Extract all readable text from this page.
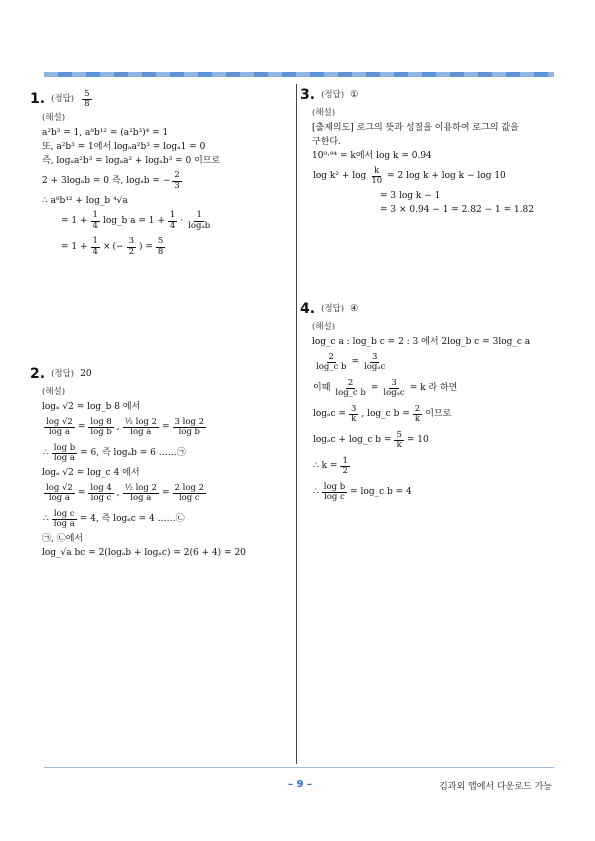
1. (정답) $\frac{5}{8}$
(해설)
a²b³ = 1, a⁸b¹² = (a²b³)⁴ = 1
또, a²b³ = 1에서 logₐa²b³ = logₐ1 = 0
즉, logₐa²b³ = logₐa² + logₐb³ = 0 이므로
2 + 3logₐb = 0 즉, logₐb = − $\frac{2}{3}$
∴ a⁸b¹² + log_b ⁴√a
= $1 + \frac{1}{4}$ log_b $a = 1 + \frac{1}{4} \cdot \frac{1}{\text{logₐb}}$
= $1 + \frac{1}{4}$ × (− $\frac{3}{2}$ ) = $\frac{5}{8}$
2. (정답) 20
(해설)
logₐ √2 = log_b 8 에서
$\frac{\log √2}{\text{log a}} = \frac{\log 8}{\text{log b}}$ , $\frac{\text{½ log 2}}{\text{log a}} = \frac{3 \log 2}{\text{log b}}$
∴ $\frac{\text{log b}}{\text{log a}} = 6$, 즉 logₐb = 6 ……㉠
logₐ √2 = log_c 4 에서
$\frac{\log √2}{\text{log a}} = \frac{\log 4}{\text{log c}}$ , $\frac{\text{½ log 2}}{\text{log a}} = \frac{2 \log 2}{\text{log c}}$
∴ $\frac{\text{log c}}{\text{log a}} = 4$, 즉 logₐc = 4 ……㉡
㉠, ㉡에서
log_√a bc = 2(logₐb + logₐc) = 2(6 + 4) = 20
3. (정답) ①
(해설)
[출제의도] 로그의 뜻과 성질을 이용하여 로그의 값을
구한다.
10⁰·⁹⁴ = k에서 log k = 0.94
$\log k^2 + \log \frac{k}{10} = 2$ log k + log k − log 10
= 3 log k − 1
= 3 × 0.94 − 1 = 2.82 − 1 = 1.82
4. (정답) ④
(해설)
log_c a : log_b c = 2 : 3 에서 2log_b c = 3log_c a
$\frac{2}{\text{log\_c b}} = \frac{3}{\text{logₐc}}$
이때 $\frac{2}{\text{log\_c b}} = \frac{3}{\text{logₐc}} = k$ 라 하면
$\log_ac = \frac{3}{k}$ , log_c $b = \frac{2}{k}$ 이므로
logₐc + log_c $b = \frac{5}{k} = 10$
∴ $k = \frac{1}{2}$
∴ $\frac{\text{log b}}{\text{log c}}$ = log_c b = 4
– 9 –	김과외 앱에서 다운로드 가능
